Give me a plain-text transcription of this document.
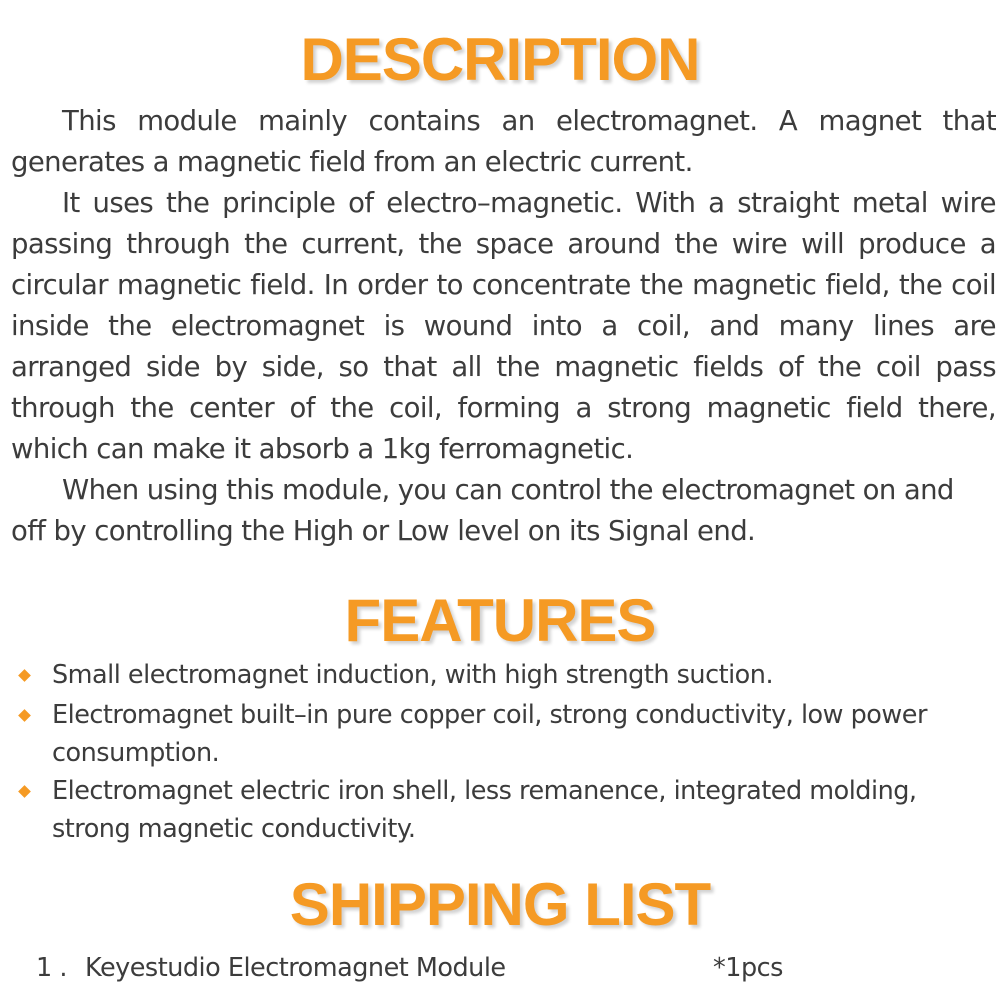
DESCRIPTION

This module mainly contains an electromagnet. A magnet that generates a magnetic field from an electric current.

It uses the principle of electro–magnetic. With a straight metal wire passing through the current, the space around the wire will produce a circular magnetic field. In order to concentrate the magnetic field, the coil inside the electromagnet is wound into a coil, and many lines are arranged side by side, so that all the magnetic fields of the coil pass through the center of the coil, forming a strong magnetic field there, which can make it absorb a 1kg ferromagnetic.

When using this module, you can control the electromagnet on and off by controlling the High or Low level on its Signal end.

FEATURES
Small electromagnet induction, with high strength suction.
Electromagnet built–in pure copper coil, strong conductivity, low power consumption.
Electromagnet electric iron shell, less remanence, integrated molding, strong magnetic conductivity.
SHIPPING LIST
1 . Keyestudio Electromagnet Module	*1pcs
